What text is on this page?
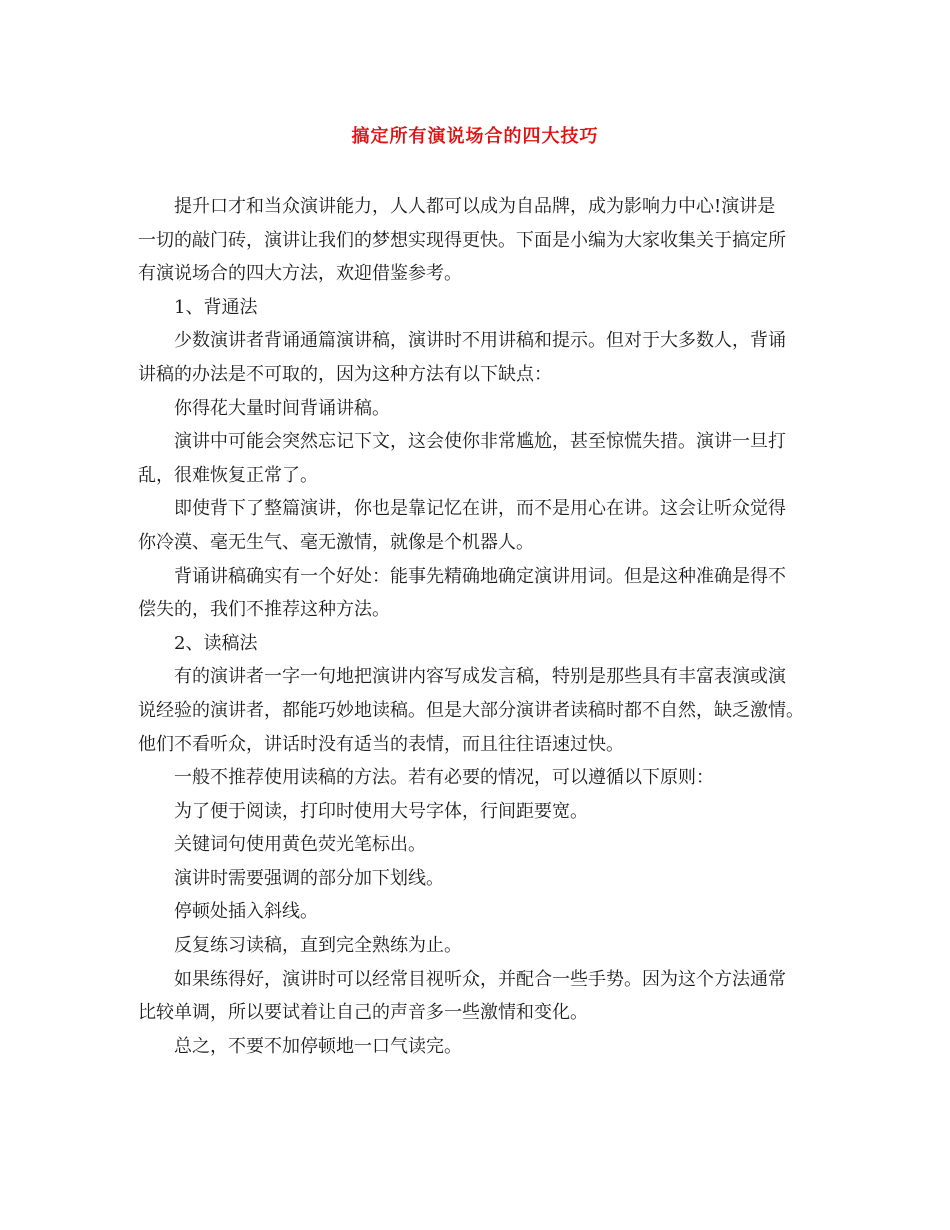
搞定所有演说场合的四大技巧

提升口才和当众演讲能力，人人都可以成为自品牌，成为影响力中心!演讲是
一切的敲门砖，演讲让我们的梦想实现得更快。下面是小编为大家收集关于搞定所
有演说场合的四大方法，欢迎借鉴参考。

1、背通法

少数演讲者背诵通篇演讲稿，演讲时不用讲稿和提示。但对于大多数人，背诵
讲稿的办法是不可取的，因为这种方法有以下缺点：

你得花大量时间背诵讲稿。

演讲中可能会突然忘记下文，这会使你非常尴尬，甚至惊慌失措。演讲一旦打
乱，很难恢复正常了。

即使背下了整篇演讲，你也是靠记忆在讲，而不是用心在讲。这会让听众觉得
你冷漠、毫无生气、毫无激情，就像是个机器人。

背诵讲稿确实有一个好处：能事先精确地确定演讲用词。但是这种准确是得不
偿失的，我们不推荐这种方法。

2、读稿法

有的演讲者一字一句地把演讲内容写成发言稿，特别是那些具有丰富表演或演
说经验的演讲者，都能巧妙地读稿。但是大部分演讲者读稿时都不自然，缺乏激情。
他们不看听众，讲话时没有适当的表情，而且往往语速过快。

一般不推荐使用读稿的方法。若有必要的情况，可以遵循以下原则：

为了便于阅读，打印时使用大号字体，行间距要宽。

关键词句使用黄色荧光笔标出。

演讲时需要强调的部分加下划线。

停顿处插入斜线。

反复练习读稿，直到完全熟练为止。

如果练得好，演讲时可以经常目视听众，并配合一些手势。因为这个方法通常
比较单调，所以要试着让自己的声音多一些激情和变化。

总之，不要不加停顿地一口气读完。
